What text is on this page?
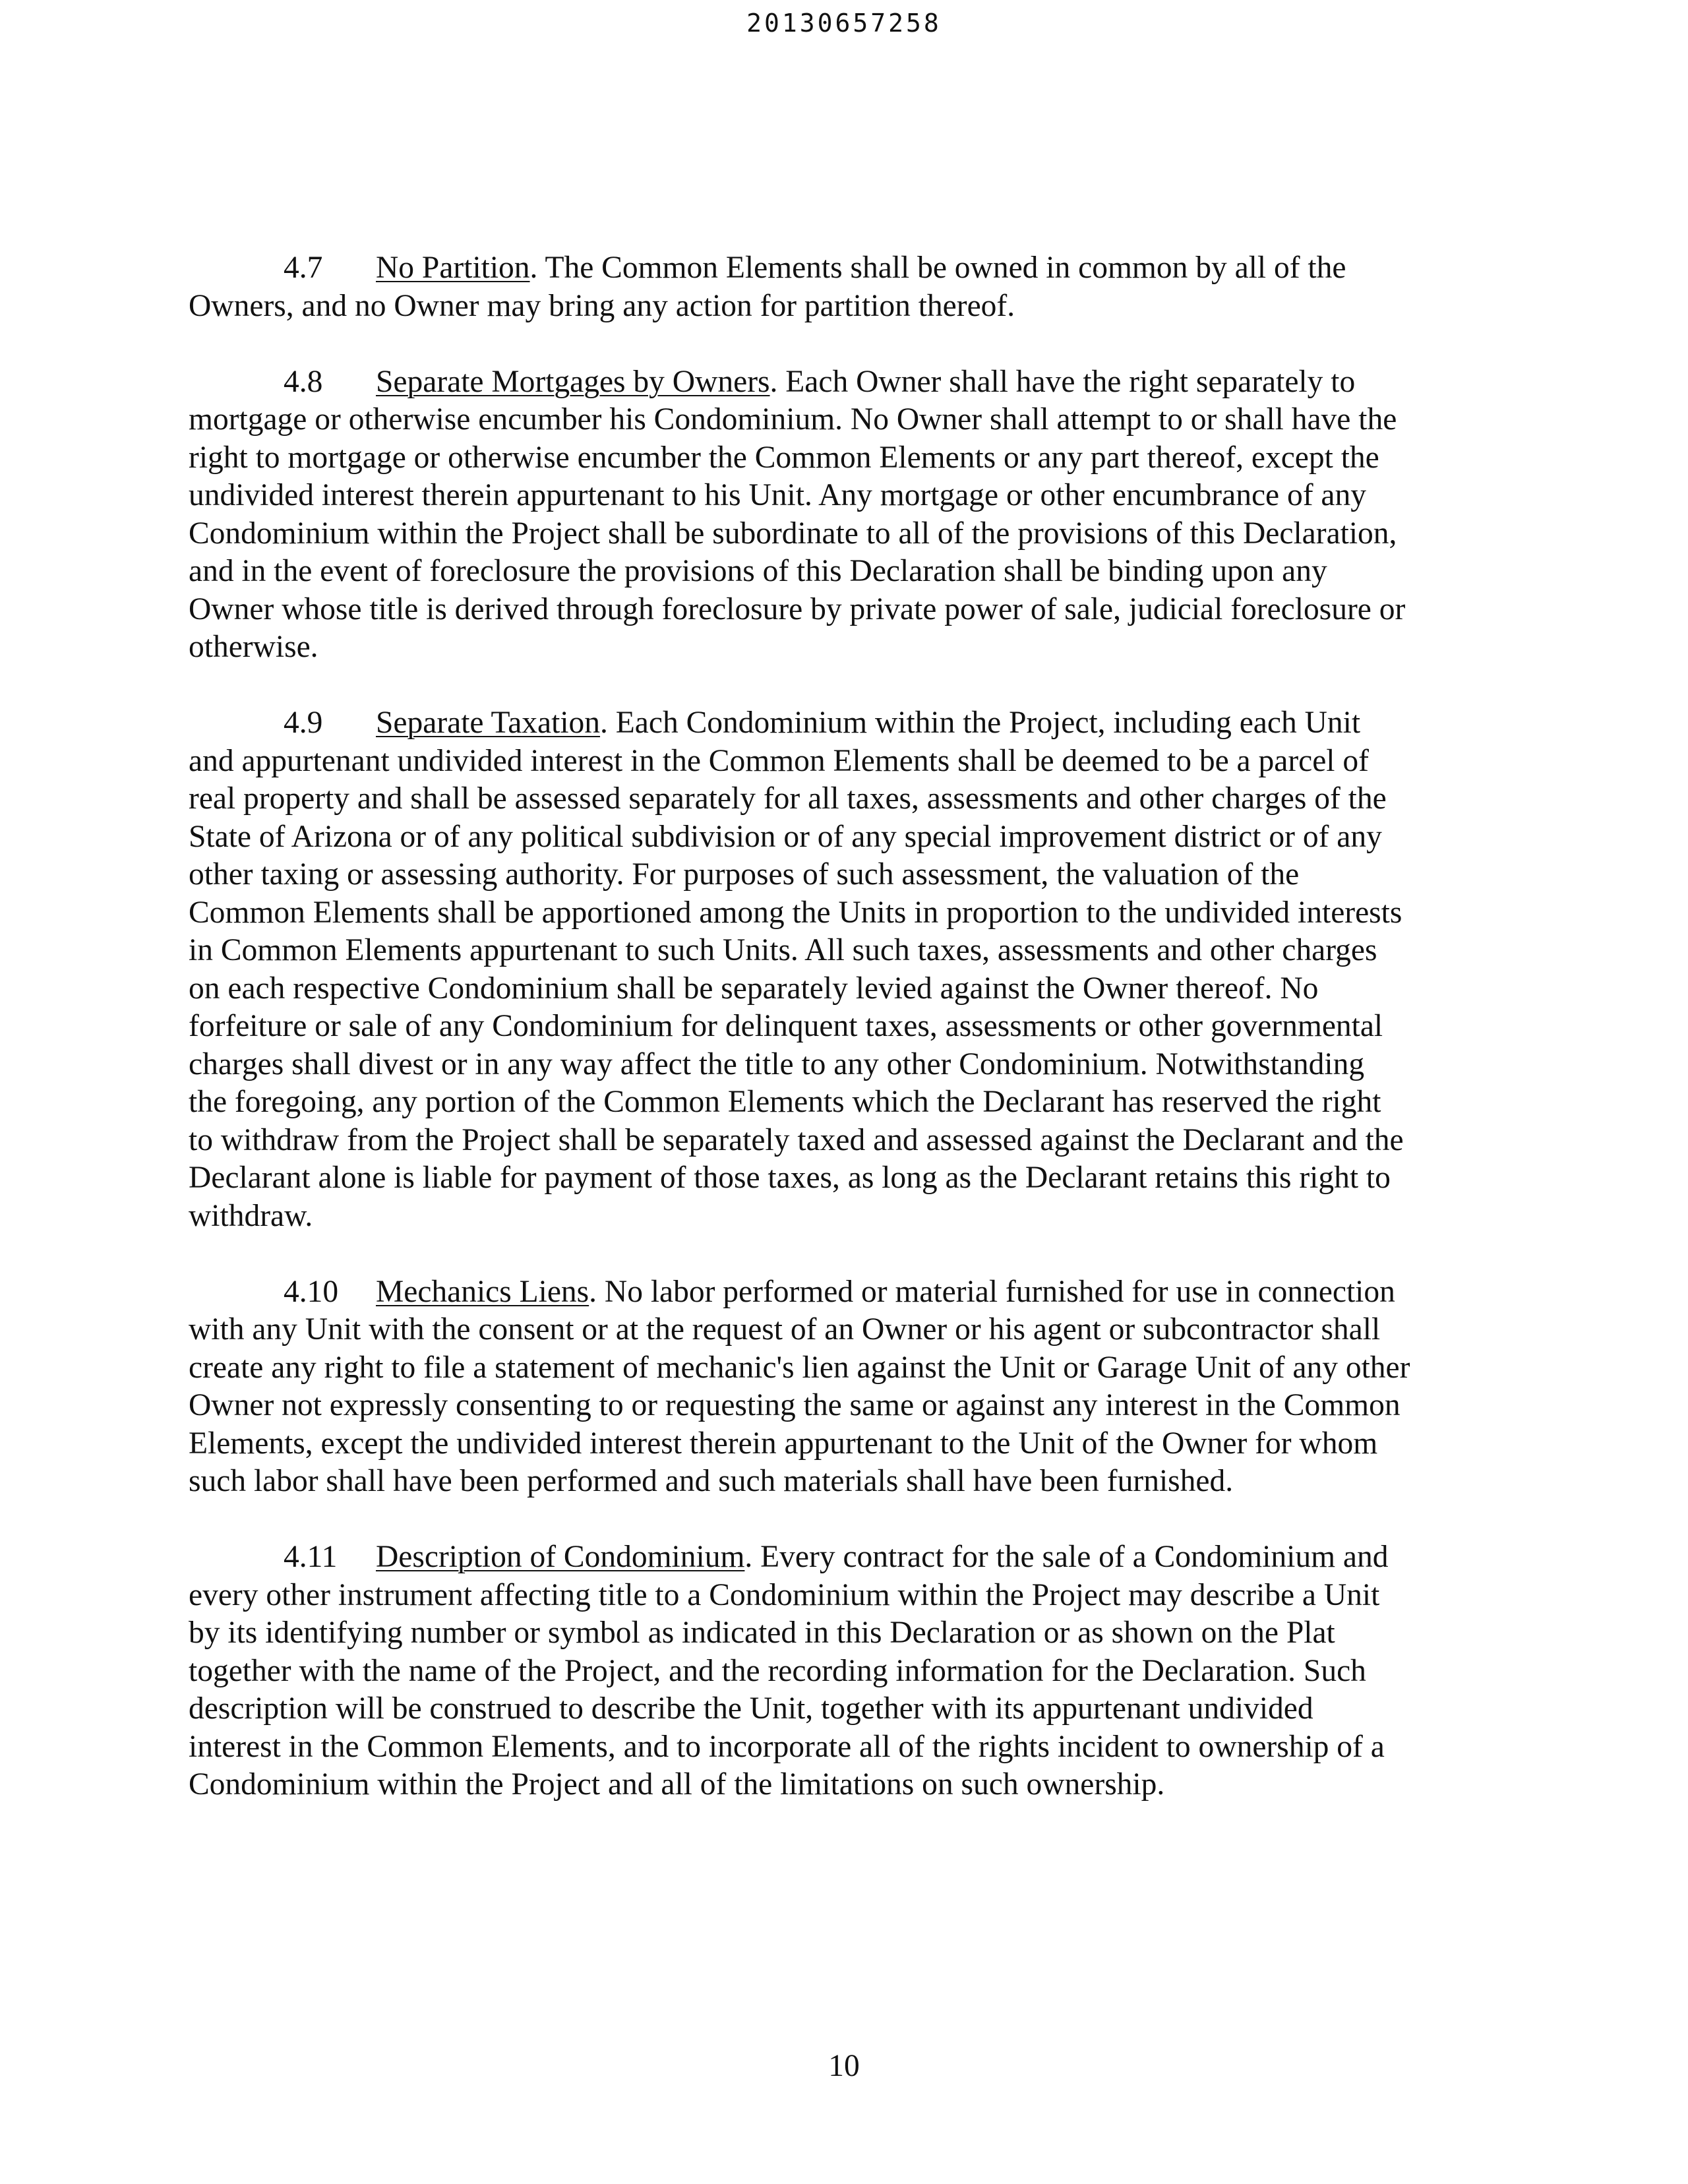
20130657258
4.7 No Partition. The Common Elements shall be owned in common by all of the
Owners, and no Owner may bring any action for partition thereof.
4.8 Separate Mortgages by Owners. Each Owner shall have the right separately to
mortgage or otherwise encumber his Condominium. No Owner shall attempt to or shall have the
right to mortgage or otherwise encumber the Common Elements or any part thereof, except the
undivided interest therein appurtenant to his Unit. Any mortgage or other encumbrance of any
Condominium within the Project shall be subordinate to all of the provisions of this Declaration,
and in the event of foreclosure the provisions of this Declaration shall be binding upon any
Owner whose title is derived through foreclosure by private power of sale, judicial foreclosure or
otherwise.
4.9 Separate Taxation. Each Condominium within the Project, including each Unit
and appurtenant undivided interest in the Common Elements shall be deemed to be a parcel of
real property and shall be assessed separately for all taxes, assessments and other charges of the
State of Arizona or of any political subdivision or of any special improvement district or of any
other taxing or assessing authority. For purposes of such assessment, the valuation of the
Common Elements shall be apportioned among the Units in proportion to the undivided interests
in Common Elements appurtenant to such Units. All such taxes, assessments and other charges
on each respective Condominium shall be separately levied against the Owner thereof. No
forfeiture or sale of any Condominium for delinquent taxes, assessments or other governmental
charges shall divest or in any way affect the title to any other Condominium. Notwithstanding
the foregoing, any portion of the Common Elements which the Declarant has reserved the right
to withdraw from the Project shall be separately taxed and assessed against the Declarant and the
Declarant alone is liable for payment of those taxes, as long as the Declarant retains this right to
withdraw.
4.10 Mechanics Liens. No labor performed or material furnished for use in connection
with any Unit with the consent or at the request of an Owner or his agent or subcontractor shall
create any right to file a statement of mechanic's lien against the Unit or Garage Unit of any other
Owner not expressly consenting to or requesting the same or against any interest in the Common
Elements, except the undivided interest therein appurtenant to the Unit of the Owner for whom
such labor shall have been performed and such materials shall have been furnished.
4.11 Description of Condominium. Every contract for the sale of a Condominium and
every other instrument affecting title to a Condominium within the Project may describe a Unit
by its identifying number or symbol as indicated in this Declaration or as shown on the Plat
together with the name of the Project, and the recording information for the Declaration. Such
description will be construed to describe the Unit, together with its appurtenant undivided
interest in the Common Elements, and to incorporate all of the rights incident to ownership of a
Condominium within the Project and all of the limitations on such ownership.
10
